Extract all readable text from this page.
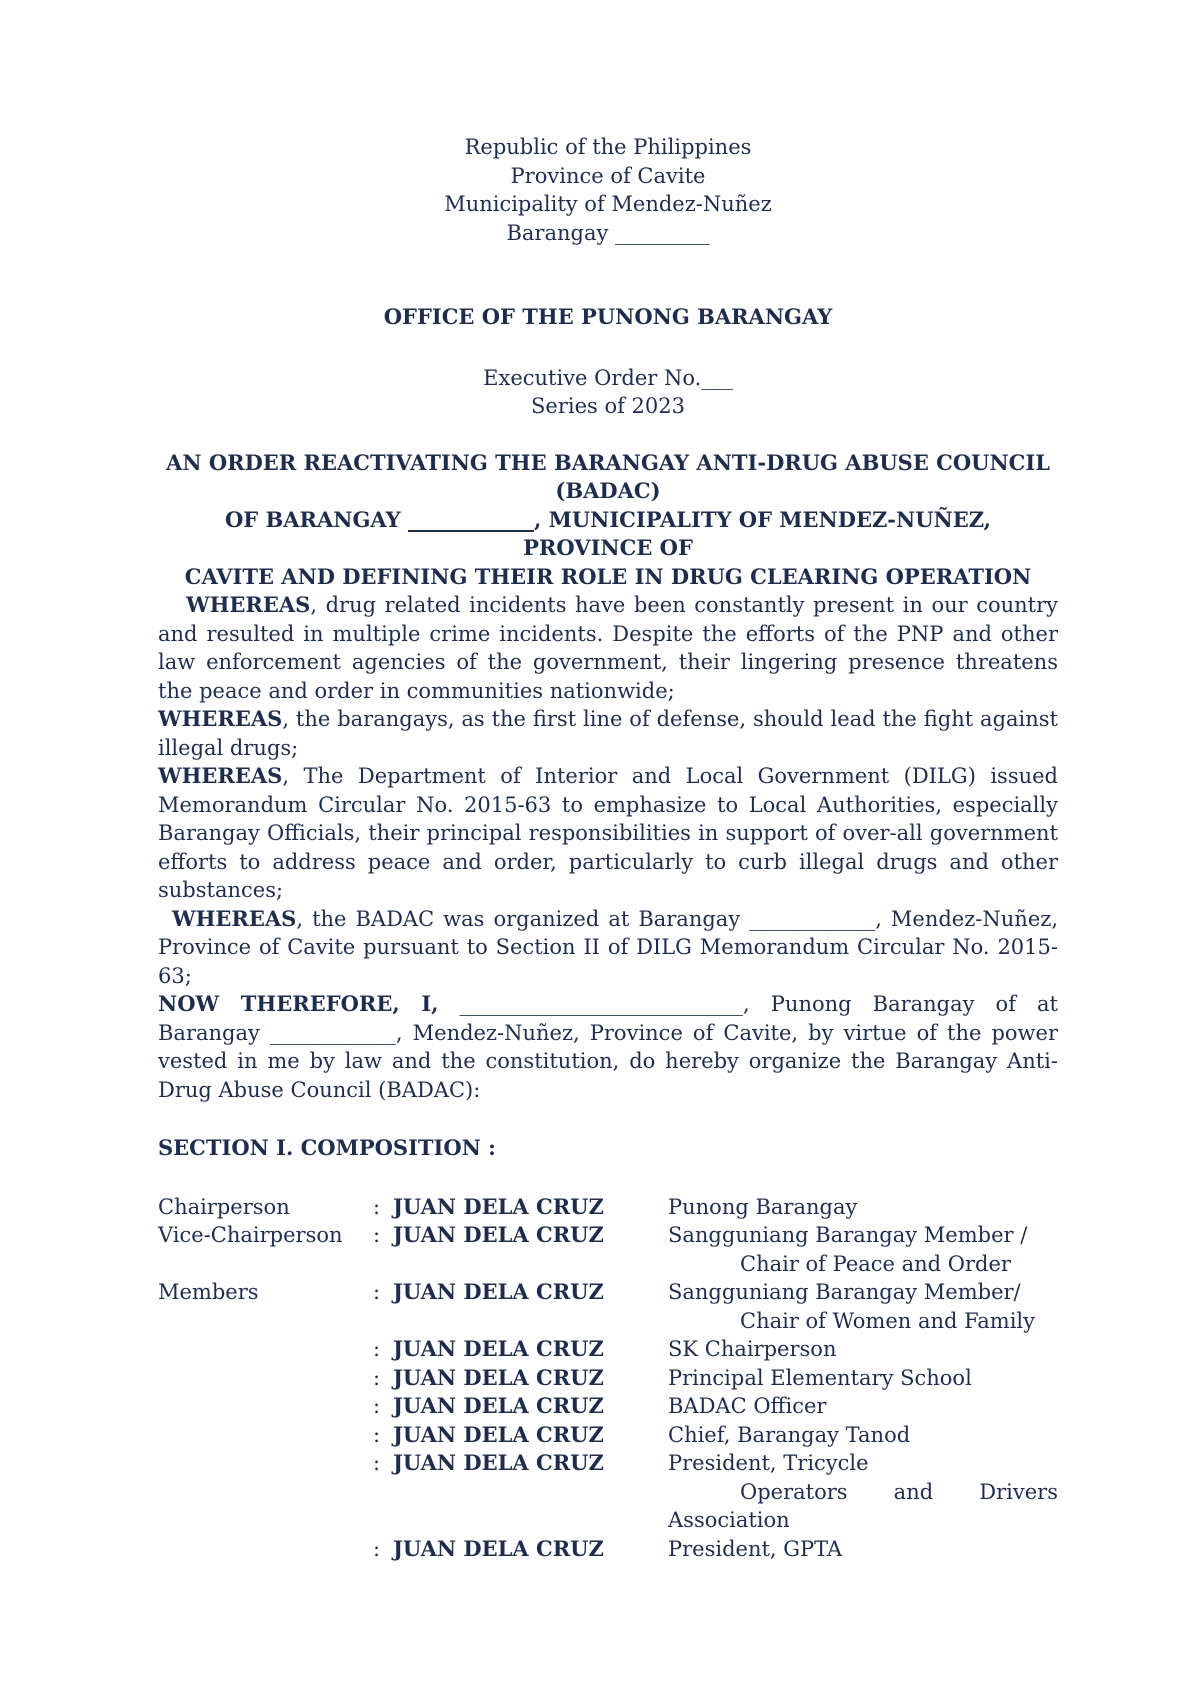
Republic of the Philippines
Province of Cavite
Municipality of Mendez-Nuñez
Barangay _________
OFFICE OF THE PUNONG BARANGAY
Executive Order No.___
Series of 2023
AN ORDER REACTIVATING THE BARANGAY ANTI-DRUG ABUSE COUNCIL (BADAC)
OF BARANGAY ____________, MUNICIPALITY OF MENDEZ-NUÑEZ, PROVINCE OF
CAVITE AND DEFINING THEIR ROLE IN DRUG CLEARING OPERATION

WHEREAS, drug related incidents have been constantly present in our country and resulted in multiple crime incidents. Despite the efforts of the PNP and other law enforcement agencies of the government, their lingering presence threatens the peace and order in communities nationwide;

WHEREAS, the barangays, as the first line of defense, should lead the fight against illegal drugs;

WHEREAS, The Department of Interior and Local Government (DILG) issued Memorandum Circular No. 2015-63 to emphasize to Local Authorities, especially Barangay Officials, their principal responsibilities in support of over-all government efforts to address peace and order, particularly to curb illegal drugs and other substances;

WHEREAS, the BADAC was organized at Barangay ____________, Mendez-Nuñez, Province of Cavite pursuant to Section II of DILG Memorandum Circular No. 2015-63;

NOW THEREFORE, I, ___________________________, Punong Barangay of at Barangay ____________, Mendez-Nuñez, Province of Cavite, by virtue of the power vested in me by law and the constitution, do hereby organize the Barangay Anti-Drug Abuse Council (BADAC):

SECTION I. COMPOSITION :
Chairperson	: JUAN DELA CRUZ	Punong Barangay
Vice-Chairperson	: JUAN DELA CRUZ	Sangguniang Barangay Member /
Chair of Peace and Order
Members	: JUAN DELA CRUZ	Sangguniang Barangay Member/
Chair of Women and Family
: JUAN DELA CRUZ	SK Chairperson
: JUAN DELA CRUZ	Principal Elementary School
: JUAN DELA CRUZ	BADAC Officer
: JUAN DELA CRUZ	Chief, Barangay Tanod
: JUAN DELA CRUZ	President, Tricycle
Operators and Drivers
Association
: JUAN DELA CRUZ	President, GPTA
